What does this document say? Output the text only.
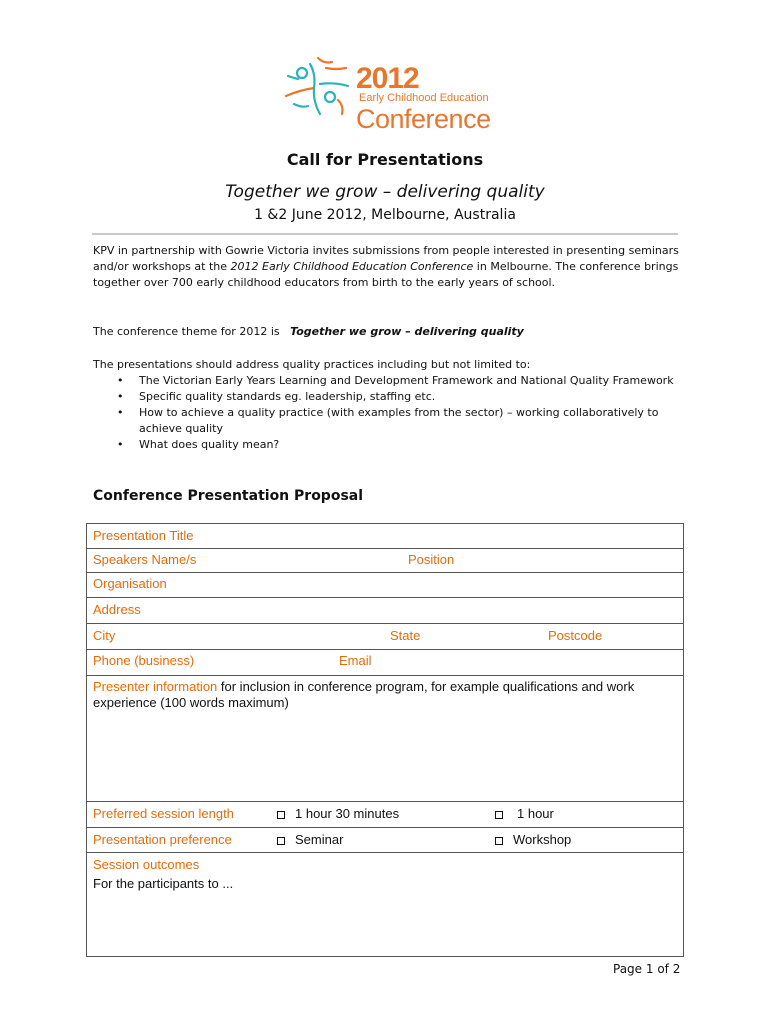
2012
Early Childhood Education
Conference
Call for Presentations
Together we grow – delivering quality
1 &2 June 2012, Melbourne, Australia
KPV in partnership with Gowrie Victoria invites submissions from people interested in presenting seminars and/or workshops at the 2012 Early Childhood Education Conference in Melbourne. The conference brings together over 700 early childhood educators from birth to the early years of school.
The conference theme for 2012 is Together we grow – delivering quality
The presentations should address quality practices including but not limited to:
• The Victorian Early Years Learning and Development Framework and National Quality Framework
• Specific quality standards eg. leadership, staffing etc.
• How to achieve a quality practice (with examples from the sector) – working collaboratively to achieve quality
• What does quality mean?
Conference Presentation Proposal
Presentation Title
Speakers Name/s	Position
Organisation
Address
City	State	Postcode
Phone (business)	Email
Presenter information for inclusion in conference program, for example qualifications and work experience (100 words maximum)
Preferred session length	1 hour 30 minutes	1 hour
Presentation preference	Seminar	Workshop
Session outcomes
For the participants to ...
Page 1 of 2
